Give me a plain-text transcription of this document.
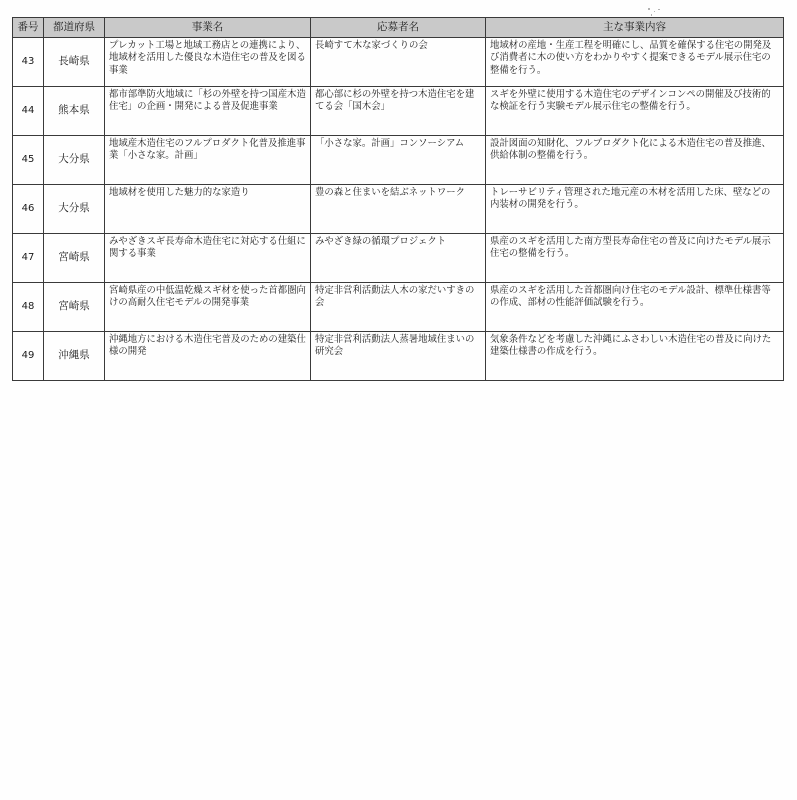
番号	都道府県	事業名	応募者名	主な事業内容
43	長崎県	プレカット工場と地域工務店との連携により、地域材を活用した優良な木造住宅の普及を図る事業	長崎すて木な家づくりの会	地域材の産地・生産工程を明確にし、品質を確保する住宅の開発及び消費者に木の使い方をわかりやすく提案できるモデル展示住宅の整備を行う。
44	熊本県	都市部準防火地域に「杉の外壁を持つ国産木造住宅」の企画・開発による普及促進事業	都心部に杉の外壁を持つ木造住宅を建てる会「国木会」	スギを外壁に使用する木造住宅のデザインコンペの開催及び技術的な検証を行う実験モデル展示住宅の整備を行う。
45	大分県	地域産木造住宅のフルプロダクト化普及推進事業「小さな家。計画」	「小さな家。計画」コンソーシアム	設計図面の知財化、フルプロダクト化による木造住宅の普及推進、供給体制の整備を行う。
46	大分県	地域材を使用した魅力的な家造り	豊の森と住まいを結ぶネットワーク	トレーサビリティ管理された地元産の木材を活用した床、壁などの内装材の開発を行う。
47	宮崎県	みやざきスギ長寿命木造住宅に対応する仕組に関する事業	みやざき緑の循環プロジェクト	県産のスギを活用した南方型長寿命住宅の普及に向けたモデル展示住宅の整備を行う。
48	宮崎県	宮崎県産の中低温乾燥スギ材を使った首都圏向けの高耐久住宅モデルの開発事業	特定非営利活動法人木の家だいすきの会	県産のスギを活用した首都圏向け住宅のモデル設計、標準仕様書等の作成、部材の性能評価試験を行う。
49	沖縄県	沖縄地方における木造住宅普及のための建築仕様の開発	特定非営利活動法人蒸暑地域住まいの研究会	気象条件などを考慮した沖縄にふさわしい木造住宅の普及に向けた建築仕様書の作成を行う。
